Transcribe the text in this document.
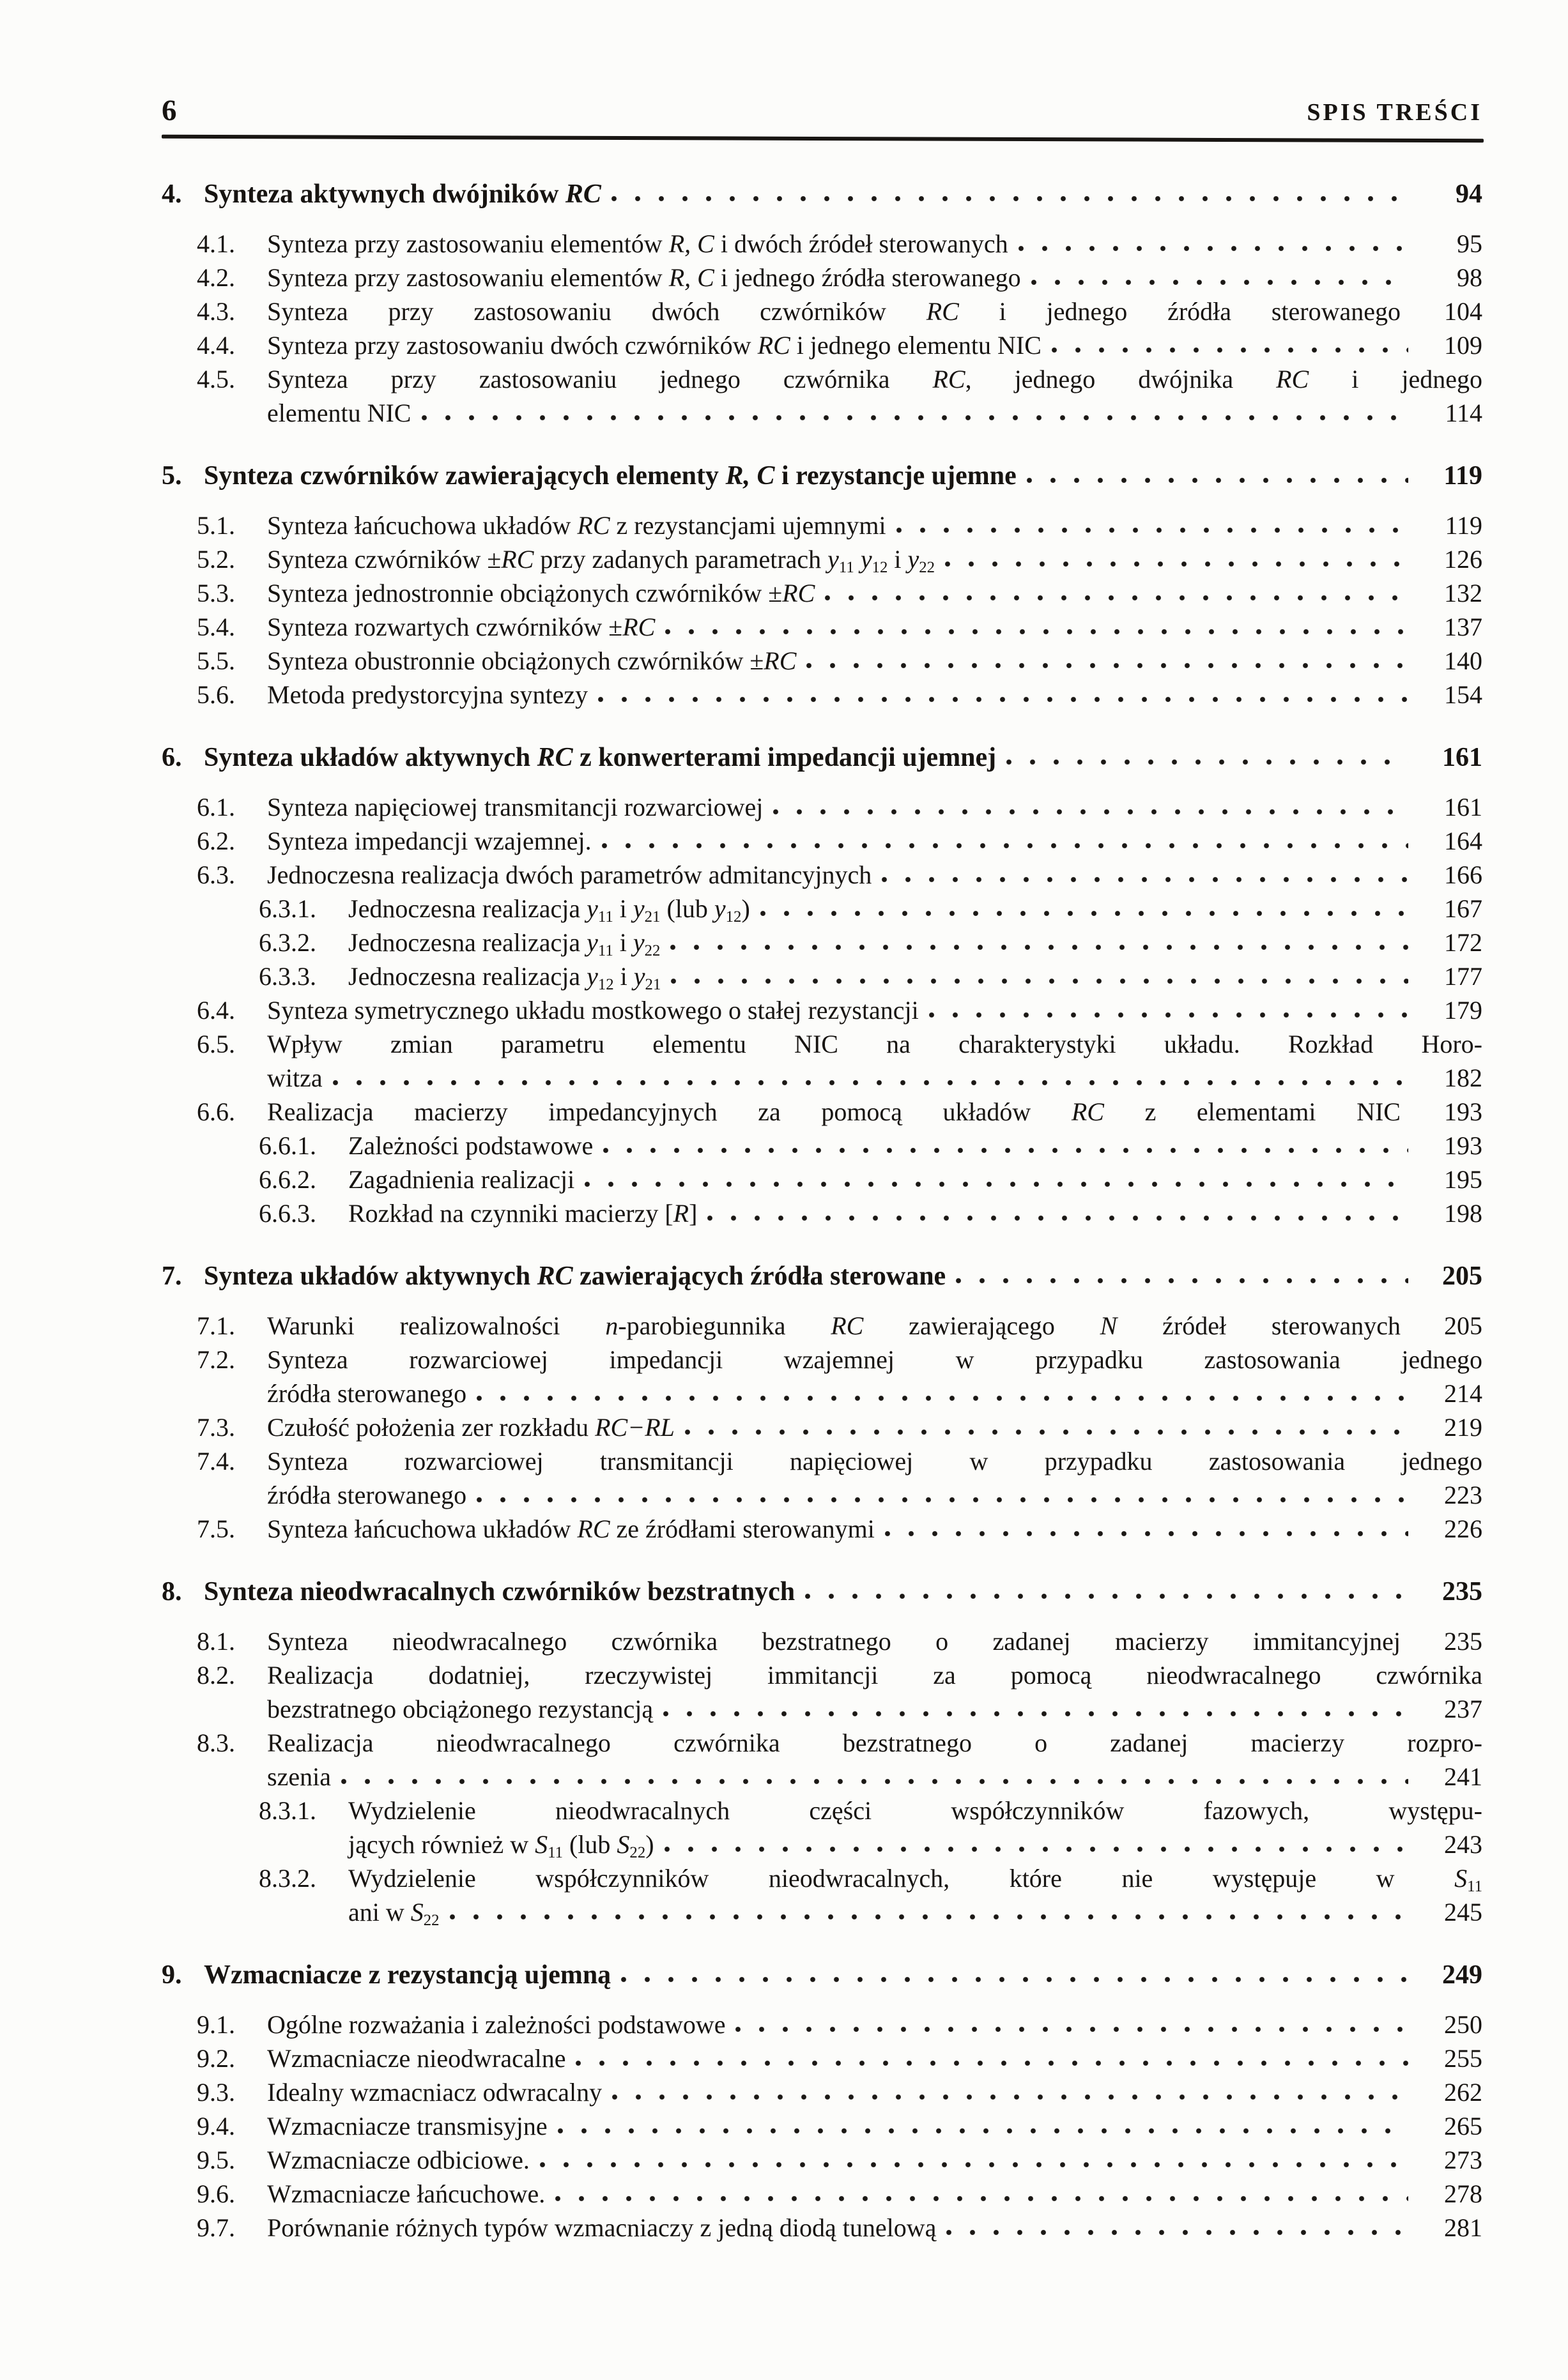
6	SPIS TREŚCI
4. Synteza aktywnych dwójników RC	94
4.1.	Synteza przy zastosowaniu elementów R, C i dwóch źródeł sterowanych	95
4.2.	Synteza przy zastosowaniu elementów R, C i jednego źródła sterowanego	98
4.3.	Synteza przy zastosowaniu dwóch czwórników RC i jednego źródła sterowanego	104
4.4.	Synteza przy zastosowaniu dwóch czwórników RC i jednego elementu NIC	109
4.5.	Synteza przy zastosowaniu jednego czwórnika RC, jednego dwójnika RC i jednego
elementu NIC	114
5. Synteza czwórników zawierających elementy R, C i rezystancje ujemne	119
5.1.	Synteza łańcuchowa układów RC z rezystancjami ujemnymi	119
5.2.	Synteza czwórników ±RC przy zadanych parametrach $y_{11}$ $y_{12}$ i $y_{22}$	126
5.3.	Synteza jednostronnie obciążonych czwórników ±RC	132
5.4.	Synteza rozwartych czwórników ±RC	137
5.5.	Synteza obustronnie obciążonych czwórników ±RC	140
5.6.	Metoda predystorcyjna syntezy	154
6. Synteza układów aktywnych RC z konwerterami impedancji ujemnej	161
6.1.	Synteza napięciowej transmitancji rozwarciowej	161
6.2.	Synteza impedancji wzajemnej.	164
6.3.	Jednoczesna realizacja dwóch parametrów admitancyjnych	166
6.3.1.	Jednoczesna realizacja $y_{11}$ i $y_{21}$ (lub $y_{12}$)	167
6.3.2.	Jednoczesna realizacja $y_{11}$ i $y_{22}$	172
6.3.3.	Jednoczesna realizacja $y_{12}$ i $y_{21}$	177
6.4.	Synteza symetrycznego układu mostkowego o stałej rezystancji	179
6.5.	Wpływ zmian parametru elementu NIC na charakterystyki układu. Rozkład Horo-
witza	182
6.6.	Realizacja macierzy impedancyjnych za pomocą układów RC z elementami NIC	193
6.6.1.	Zależności podstawowe	193
6.6.2.	Zagadnienia realizacji	195
6.6.3.	Rozkład na czynniki macierzy [R]	198
7. Synteza układów aktywnych RC zawierających źródła sterowane	205
7.1.	Warunki realizowalności n-parobiegunnika RC zawierającego N źródeł sterowanych	205
7.2.	Synteza rozwarciowej impedancji wzajemnej w przypadku zastosowania jednego
źródła sterowanego	214
7.3.	Czułość położenia zer rozkładu RC−RL	219
7.4.	Synteza rozwarciowej transmitancji napięciowej w przypadku zastosowania jednego
źródła sterowanego	223
7.5.	Synteza łańcuchowa układów RC ze źródłami sterowanymi	226
8. Synteza nieodwracalnych czwórników bezstratnych	235
8.1.	Synteza nieodwracalnego czwórnika bezstratnego o zadanej macierzy immitancyjnej	235
8.2.	Realizacja dodatniej, rzeczywistej immitancji za pomocą nieodwracalnego czwórnika
bezstratnego obciążonego rezystancją	237
8.3.	Realizacja nieodwracalnego czwórnika bezstratnego o zadanej macierzy rozpro-
szenia	241
8.3.1.	Wydzielenie nieodwracalnych części współczynników fazowych, występu-
jących również w $S_{11}$ (lub $S_{22}$)	243
8.3.2.	Wydzielenie współczynników nieodwracalnych, które nie występuje w $S_{11}$
ani w $S_{22}$	245
9. Wzmacniacze z rezystancją ujemną	249
9.1.	Ogólne rozważania i zależności podstawowe	250
9.2.	Wzmacniacze nieodwracalne	255
9.3.	Idealny wzmacniacz odwracalny	262
9.4.	Wzmacniacze transmisyjne	265
9.5.	Wzmacniacze odbiciowe.	273
9.6.	Wzmacniacze łańcuchowe.	278
9.7.	Porównanie różnych typów wzmacniaczy z jedną diodą tunelową	281
